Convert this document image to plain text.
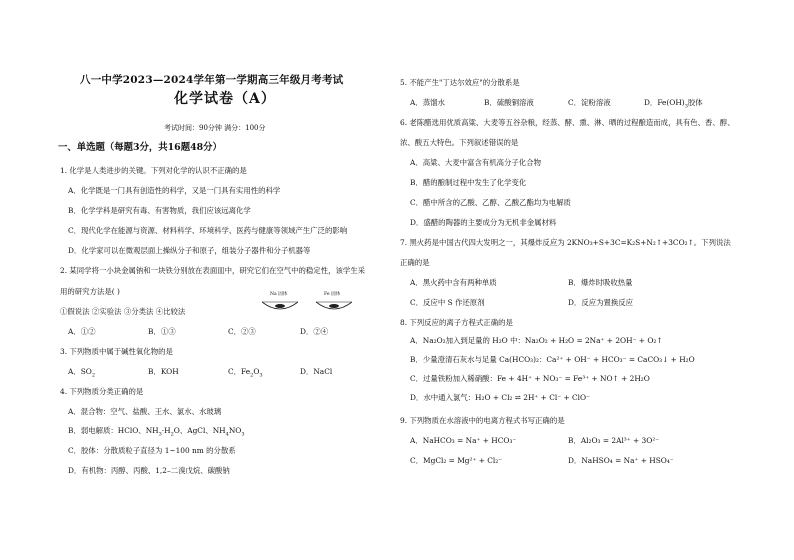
八一中学2023—2024学年第一学期高三年级月考考试
化学试卷（A）
考试时间：90分钟 满分：100分
一、单选题（每题3分，共16题48分）
1. 化学是人类进步的关键。下列对化学的认识不正确的是
A．化学既是一门具有创造性的科学，又是一门具有实用性的科学
B．化学学科是研究有毒、有害物质，我们应该远离化学
C．现代化学在能源与资源、材料科学、环境科学、医药与健康等领域产生广泛的影响
D．化学家可以在微观层面上操纵分子和原子，组装分子器件和分子机器等
2. 某同学将一小块金属钠和一块铁分别放在表面皿中，研究它们在空气中的稳定性，该学生采
用的研究方法是( )
①假说法 ②实验法 ③分类法 ④比较法
Na 固体	Fe 固体
A．①②	B．①③	C．②③	D．②④
3. 下列物质中属于碱性氧化物的是
A．$SO_2$	B．KOH	C．$Fe_2O_3$	D．NaCl
4. 下列物质分类正确的是
A．混合物：空气、盐酸、王水、氯水、水玻璃
B．弱电解质：HClO、$NH_3\cdot H_2O$、AgCl、$NH_4NO_3$
C．胶体：分散质粒子直径为 1~100 nm 的分散系
D．有机物：丙醇、丙酸、1,2–二溴戊烷、碳酸钠
5. 不能产生"丁达尔效应"的分散系是
A．蒸馏水	B．硫酸铜溶液	C．淀粉溶液	D．$Fe(OH)_3$胶体
6. 老陈醋选用优质高粱、大麦等五谷杂粮，经蒸、酵、熏、淋、晒的过程酿造而成，具有色、香、醇、
浓、酸五大特色。下列叙述错误的是
A．高粱、大麦中富含有机高分子化合物
B．醋的酿制过程中发生了化学变化
C．醋中所含的乙酸、乙醇、乙酸乙酯均为电解质
D．盛醋的陶器的主要成分为无机非金属材料
7. 黑火药是中国古代四大发明之一，其爆炸反应为 2KNO₃+S+3C=K₂S+N₂↑+3CO₂↑。下列说法
正确的是
A．黑火药中含有两种单质	B．爆炸时吸收热量
C．反应中 S 作还原剂	D．反应为置换反应
8. 下列反应的离子方程式正确的是
A．Na₂O₂加入到足量的 H₂O 中：Na₂O₂ + H₂O = 2Na⁺ + 2OH⁻ + O₂↑
B．少量澄清石灰水与足量 Ca(HCO₃)₂：Ca²⁺ + OH⁻ + HCO₃⁻ = CaCO₃↓ + H₂O
C．过量铁粉加入稀硝酸：Fe + 4H⁺ + NO₃⁻ = Fe³⁺ + NO↑ + 2H₂O
D．水中通入氯气：H₂O + Cl₂ ⇌ 2H⁺ + Cl⁻ + ClO⁻
9. 下列物质在水溶液中的电离方程式书写正确的是
A．NaHCO₃ = Na⁺ + HCO₃⁻	B．Al₂O₃ = 2Al³⁺ + 3O²⁻
C．MgCl₂ = Mg²⁺ + Cl₂⁻	D．NaHSO₄ = Na⁺ + HSO₄⁻
